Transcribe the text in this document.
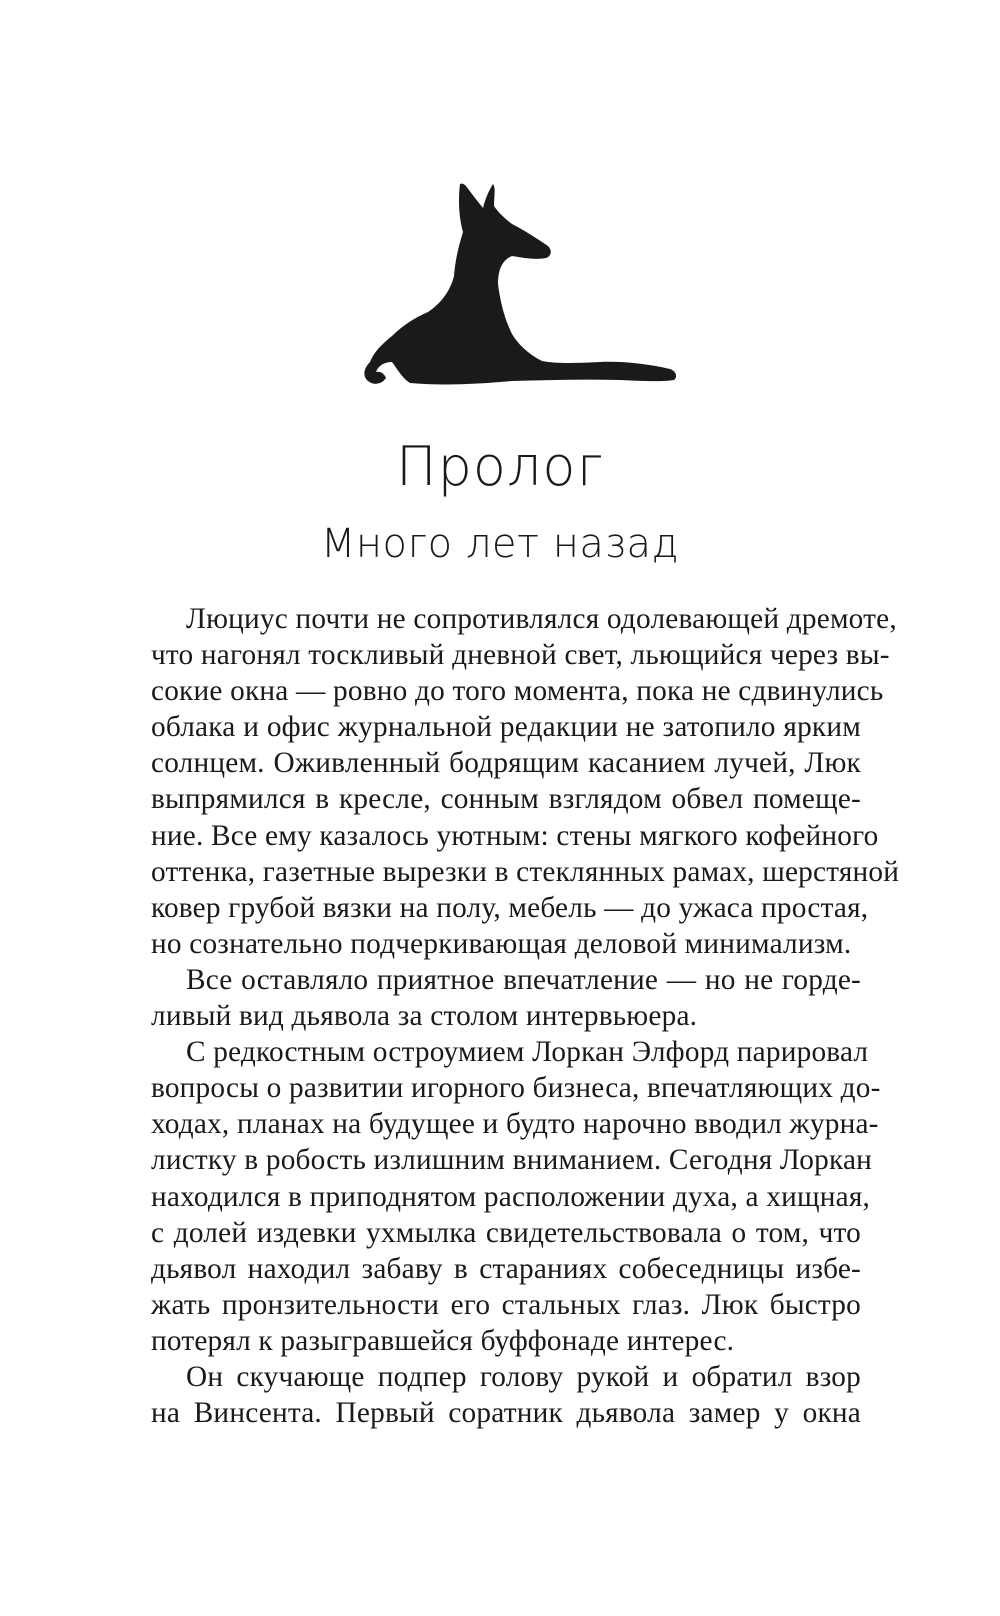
Пролог
Много лет назад
Люциус почти не сопротивлялся одолевающей дремоте,
что нагонял тоскливый дневной свет, льющийся через вы-
сокие окна — ровно до того момента, пока не сдвинулись
облака и офис журнальной редакции не затопило ярким
солнцем. Оживленный бодрящим касанием лучей, Люк
выпрямился в кресле, сонным взглядом обвел помеще-
ние. Все ему казалось уютным: стены мягкого кофейного
оттенка, газетные вырезки в стеклянных рамах, шерстяной
ковер грубой вязки на полу, мебель — до ужаса простая,
но сознательно подчеркивающая деловой минимализм.
Все оставляло приятное впечатление — но не горде-
ливый вид дьявола за столом интервьюера.
С редкостным остроумием Лоркан Элфорд парировал
вопросы о развитии игорного бизнеса, впечатляющих до-
ходах, планах на будущее и будто нарочно вводил журна-
листку в робость излишним вниманием. Сегодня Лоркан
находился в приподнятом расположении духа, а хищная,
с долей издевки ухмылка свидетельствовала о том, что
дьявол находил забаву в стараниях собеседницы избе-
жать пронзительности его стальных глаз. Люк быстро
потерял к разыгравшейся буффонаде интерес.
Он скучающе подпер голову рукой и обратил взор
на Винсента. Первый соратник дьявола замер у окна
